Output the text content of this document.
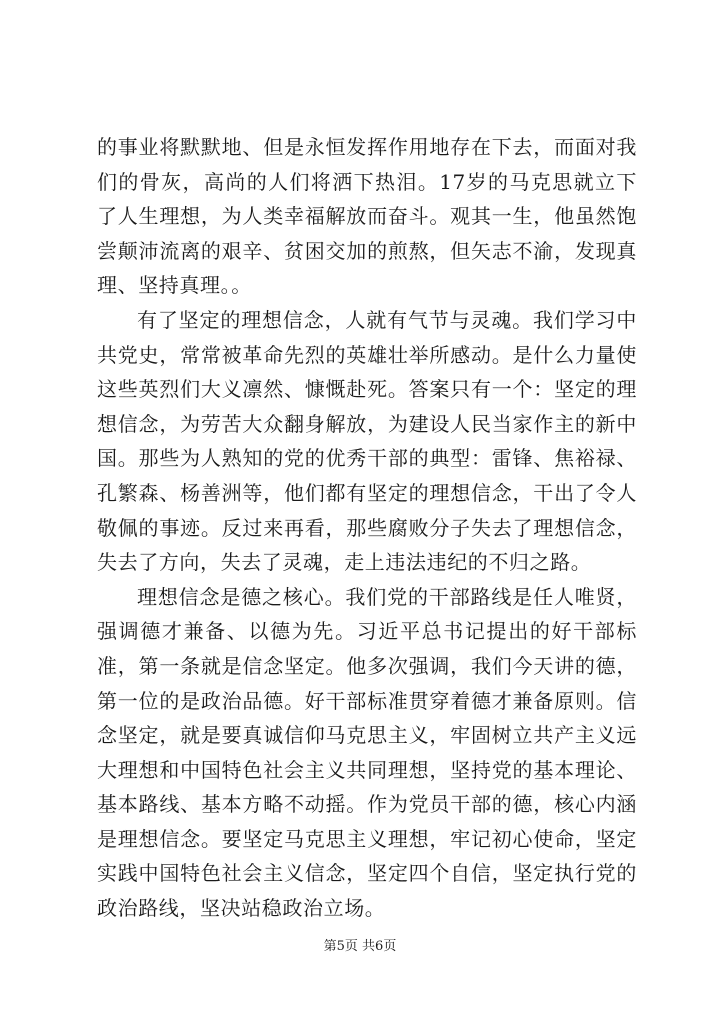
的事业将默默地、但是永恒发挥作用地存在下去，而面对我们的骨灰，高尚的人们将洒下热泪。17岁的马克思就立下了人生理想，为人类幸福解放而奋斗。观其一生，他虽然饱尝颠沛流离的艰辛、贫困交加的煎熬，但矢志不渝，发现真理、坚持真理。。

有了坚定的理想信念，人就有气节与灵魂。我们学习中共党史，常常被革命先烈的英雄壮举所感动。是什么力量使这些英烈们大义凛然、慷慨赴死。答案只有一个：坚定的理想信念，为劳苦大众翻身解放，为建设人民当家作主的新中国。那些为人熟知的党的优秀干部的典型：雷锋、焦裕禄、孔繁森、杨善洲等，他们都有坚定的理想信念，干出了令人敬佩的事迹。反过来再看，那些腐败分子失去了理想信念，失去了方向，失去了灵魂，走上违法违纪的不归之路。

理想信念是德之核心。我们党的干部路线是任人唯贤，强调德才兼备、以德为先。习近平总书记提出的好干部标准，第一条就是信念坚定。他多次强调，我们今天讲的德，第一位的是政治品德。好干部标准贯穿着德才兼备原则。信念坚定，就是要真诚信仰马克思主义，牢固树立共产主义远大理想和中国特色社会主义共同理想，坚持党的基本理论、基本路线、基本方略不动摇。作为党员干部的德，核心内涵是理想信念。要坚定马克思主义理想，牢记初心使命，坚定实践中国特色社会主义信念，坚定四个自信，坚定执行党的政治路线，坚决站稳政治立场。

第5页 共6页
